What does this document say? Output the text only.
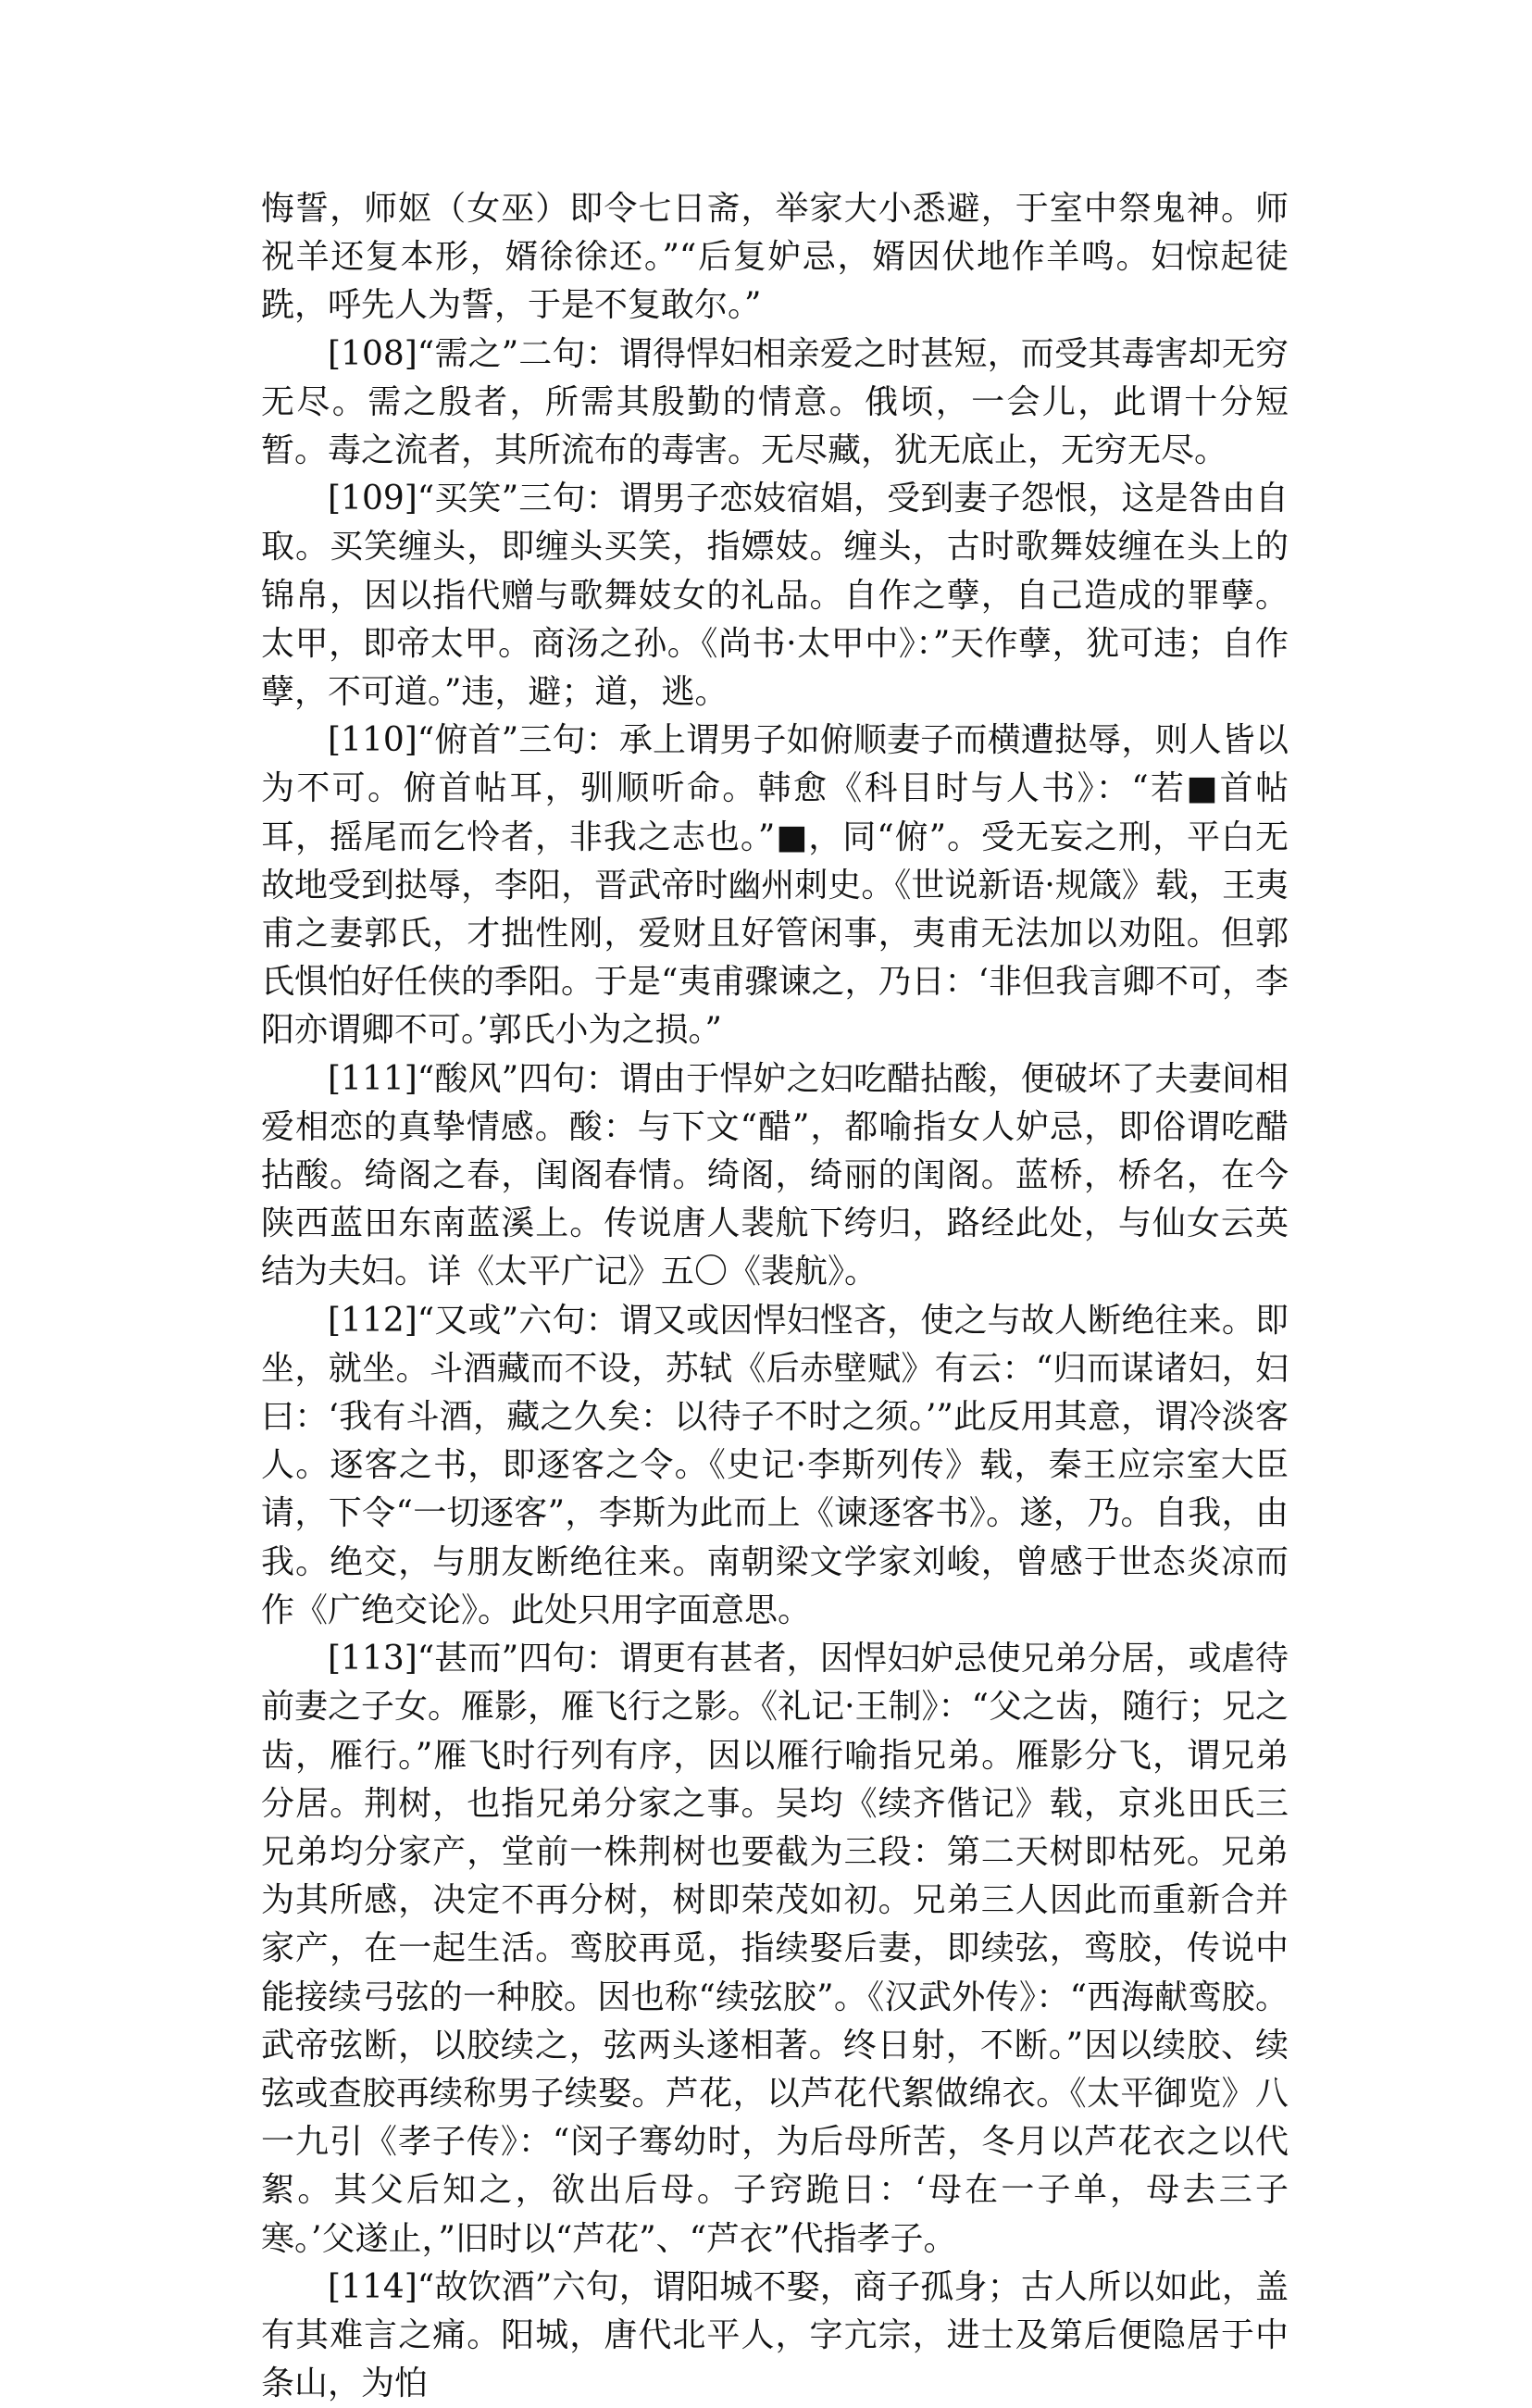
悔誓，师妪（女巫）即令七日斋，举家大小悉避，于室中祭鬼神。师祝羊还复本形，婿徐徐还。”“后复妒忌，婿因伏地作羊鸣。妇惊起徒跣，呼先人为誓，于是不复敢尔。”

[108]“需之”二句：谓得悍妇相亲爱之时甚短，而受其毒害却无穷无尽。需之殷者，所需其殷勤的情意。俄顷，一会儿，此谓十分短暂。毒之流者，其所流布的毒害。无尽藏，犹无底止，无穷无尽。

[109]“买笑”三句：谓男子恋妓宿娼，受到妻子怨恨，这是咎由自取。买笑缠头，即缠头买笑，指嫖妓。缠头，古时歌舞妓缠在头上的锦帛，因以指代赠与歌舞妓女的礼品。自作之孽，自己造成的罪孽。太甲，即帝太甲。商汤之孙。《尚书·太甲中》：”天作孽，犹可违；自作孽，不可道。”违，避；道，逃。

[110]“俯首”三句：承上谓男子如俯顺妻子而横遭挞辱，则人皆以为不可。俯首帖耳，驯顺听命。韩愈《科目时与人书》：“若■首帖耳，摇尾而乞怜者，非我之志也。”■，同“俯”。受无妄之刑，平白无故地受到挞辱，李阳，晋武帝时幽州刺史。《世说新语·规箴》载，王夷甫之妻郭氏，才拙性刚，爱财且好管闲事，夷甫无法加以劝阻。但郭氏惧怕好任侠的季阳。于是“夷甫骤谏之，乃日：‘非但我言卿不可，李阳亦谓卿不可。’郭氏小为之损。”

[111]“酸风”四句：谓由于悍妒之妇吃醋拈酸，便破坏了夫妻间相爱相恋的真挚情感。酸：与下文“醋”，都喻指女人妒忌，即俗谓吃醋拈酸。绮阁之春，闺阁春情。绮阁，绮丽的闺阁。蓝桥，桥名，在今陕西蓝田东南蓝溪上。传说唐人裴航下绔归，路经此处，与仙女云英结为夫妇。详《太平广记》五〇《裴航》。

[112]“又或”六句：谓又或因悍妇悭吝，使之与故人断绝往来。即坐，就坐。斗酒藏而不设，苏轼《后赤壁赋》有云：“归而谋诸妇，妇曰：‘我有斗酒，藏之久矣：以待子不时之须。’”此反用其意，谓冷淡客人。逐客之书，即逐客之令。《史记·李斯列传》载，秦王应宗室大臣请，下令“一切逐客”，李斯为此而上《谏逐客书》。遂，乃。自我，由我。绝交，与朋友断绝往来。南朝梁文学家刘峻，曾感于世态炎凉而作《广绝交论》。此处只用字面意思。

[113]“甚而”四句：谓更有甚者，因悍妇妒忌使兄弟分居，或虐待前妻之子女。雁影，雁飞行之影。《礼记·王制》：“父之齿，随行；兄之齿，雁行。”雁飞时行列有序，因以雁行喻指兄弟。雁影分飞，谓兄弟分居。荆树，也指兄弟分家之事。吴均《续齐偕记》载，京兆田氏三兄弟均分家产，堂前一株荆树也要截为三段：第二天树即枯死。兄弟为其所感，决定不再分树，树即荣茂如初。兄弟三人因此而重新合并家产，在一起生活。鸾胶再觅，指续娶后妻，即续弦，鸾胶，传说中能接续弓弦的一种胶。因也称“续弦胶”。《汉武外传》：“西海献鸾胶。武帝弦断，以胶续之，弦两头遂相著。终日射，不断。”因以续胶、续弦或查胶再续称男子续娶。芦花，以芦花代絮做绵衣。《太平御览》八一九引《孝子传》：“闵子骞幼时，为后母所苦，冬月以芦花衣之以代絮。其父后知之，欲出后母。子窍跪日：‘母在一子单，母去三子寒。’父遂止，”旧时以“芦花”、“芦衣”代指孝子。

[114]“故饮酒”六句，谓阳城不娶，商子孤身；古人所以如此，盖有其难言之痛。阳城，唐代北平人，字亢宗，进士及第后便隐居于中条山，为怕
